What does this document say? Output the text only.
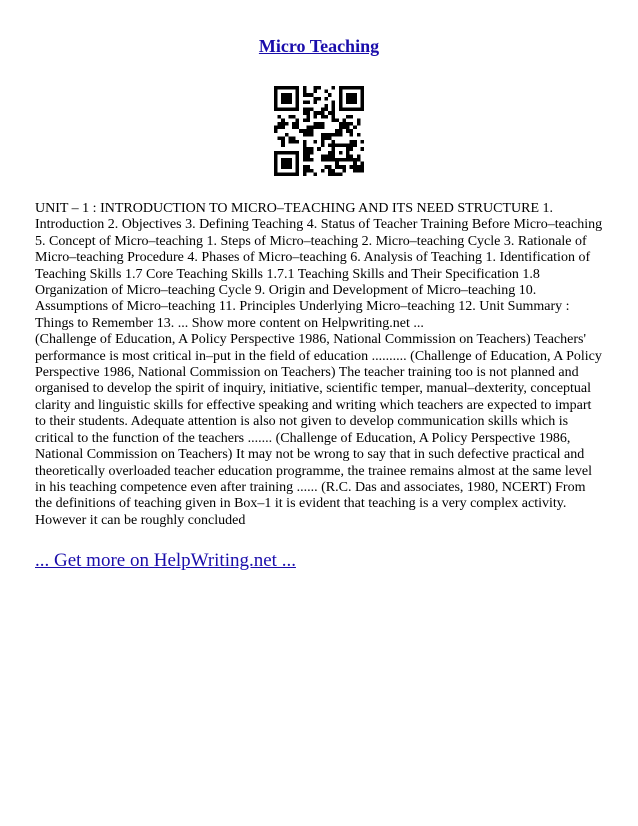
Micro Teaching

UNIT – 1 : INTRODUCTION TO MICRO–TEACHING AND ITS NEED STRUCTURE 1. Introduction 2. Objectives 3. Defining Teaching 4. Status of Teacher Training Before Micro–teaching 5. Concept of Micro–teaching 1. Steps of Micro–teaching 2. Micro–teaching Cycle 3. Rationale of Micro–teaching Procedure 4. Phases of Micro–teaching 6. Analysis of Teaching 1. Identification of Teaching Skills 1.7 Core Teaching Skills 1.7.1 Teaching Skills and Their Specification 1.8 Organization of Micro–teaching Cycle 9. Origin and Development of Micro–teaching 10. Assumptions of Micro–teaching 11. Principles Underlying Micro–teaching 12. Unit Summary : Things to Remember 13. ... Show more content on Helpwriting.net ...

(Challenge of Education, A Policy Perspective 1986, National Commission on Teachers) Teachers' performance is most critical in–put in the field of education .......... (Challenge of Education, A Policy Perspective 1986, National Commission on Teachers) The teacher training too is not planned and organised to develop the spirit of inquiry, initiative, scientific temper, manual–dexterity, conceptual clarity and linguistic skills for effective speaking and writing which teachers are expected to impart to their students. Adequate attention is also not given to develop communication skills which is critical to the function of the teachers ....... (Challenge of Education, A Policy Perspective 1986, National Commission on Teachers) It may not be wrong to say that in such defective practical and theoretically overloaded teacher education programme, the trainee remains almost at the same level in his teaching competence even after training ...... (R.C. Das and associates, 1980, NCERT) From the definitions of teaching given in Box–1 it is evident that teaching is a very complex activity. However it can be roughly concluded

... Get more on HelpWriting.net ...
